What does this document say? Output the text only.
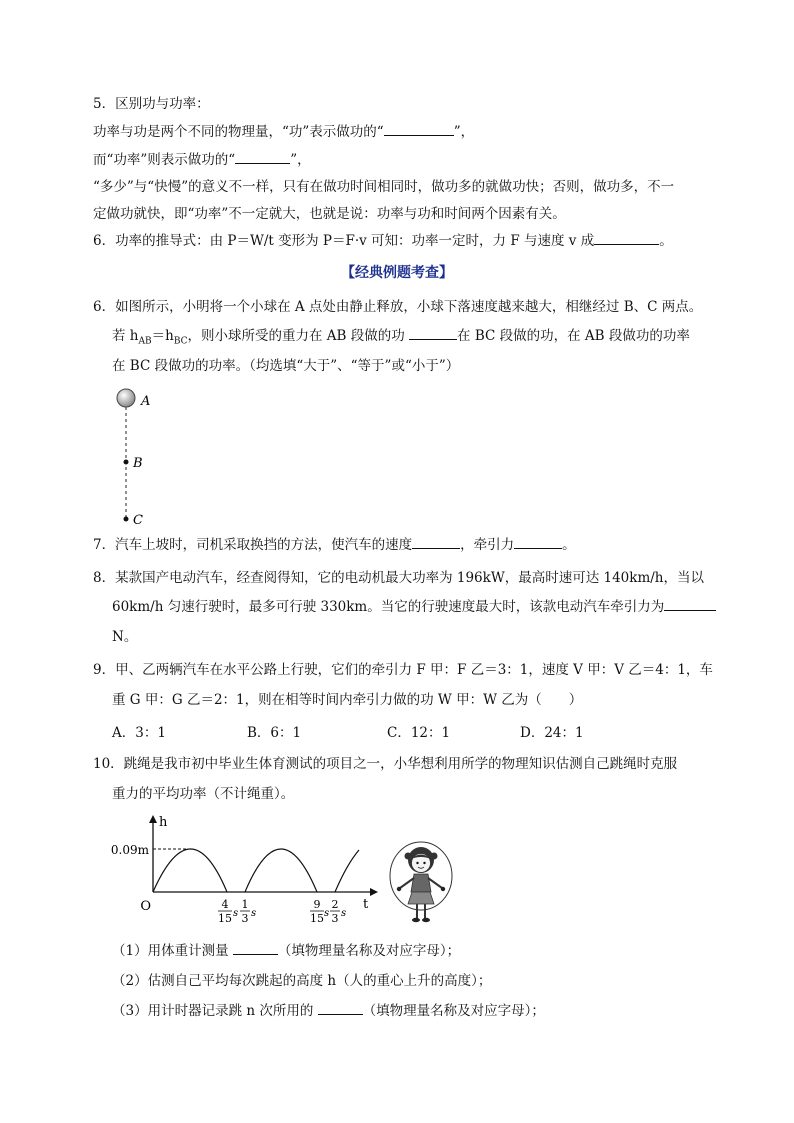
5．区别功与功率：
功率与功是两个不同的物理量，“功”表示做功的“	”，
而“功率”则表示做功的“	”，
“多少”与“快慢”的意义不一样，只有在做功时间相同时，做功多的就做功快；否则，做功多，不一
定做功就快，即“功率”不一定就大，也就是说：功率与功和时间两个因素有关。
6．功率的推导式：由 P＝W/t 变形为 P＝F·v 可知：功率一定时，力 F 与速度 v 成	。
【经典例题考查】
6．如图所示，小明将一个小球在 A 点处由静止释放，小球下落速度越来越大，相继经过 B、C 两点。
若 $h_{AB}=h_{BC}$，则小球所受的重力在 AB 段做的功	在 BC 段做的功，在 AB 段做功的功率
在 BC 段做功的功率。（均选填“大于”、“等于”或“小于”）
A
B
C
7．汽车上坡时，司机采取换挡的方法，使汽车的速度	，牵引力	。
8．某款国产电动汽车，经查阅得知，它的电动机最大功率为 196kW，最高时速可达 140km/h，当以
60km/h 匀速行驶时，最多可行驶 330km。当它的行驶速度最大时，该款电动汽车牵引力为
N。
9．甲、乙两辆汽车在水平公路上行驶，它们的牵引力 F 甲：F 乙＝3：1，速度 V 甲：V 乙＝4：1，车
重 G 甲：G 乙＝2：1，则在相等时间内牵引力做的功 W 甲：W 乙为（　　）
A．3：1	B．6：1	C．12：1	D．24：1
10．跳绳是我市初中毕业生体育测试的项目之一，小华想利用所学的物理知识估测自己跳绳时克服
重力的平均功率（不计绳重）。
h
t
O
0.09m
4
15 s
1
3 s
9
15 s
2
3 s
（1）用体重计测量	（填物理量名称及对应字母）；
（2）估测自己平均每次跳起的高度 h（人的重心上升的高度）；
（3）用计时器记录跳 n 次所用的	（填物理量名称及对应字母）；
